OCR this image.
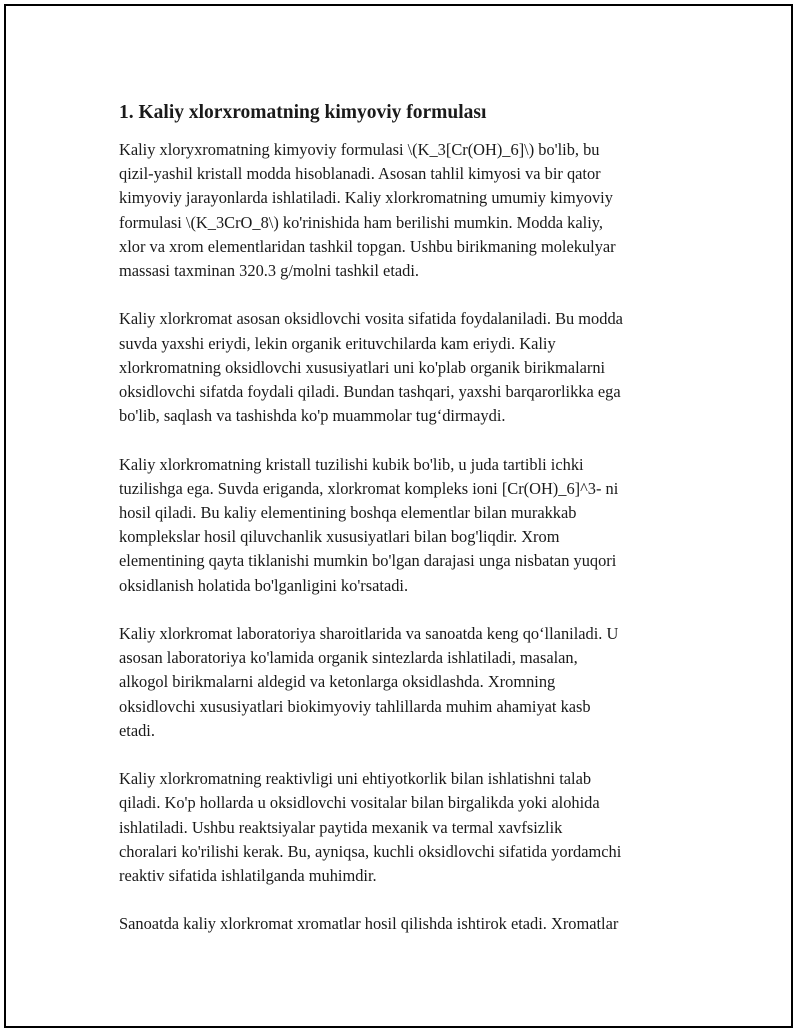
1. Kaliy xlorxromatning kimyoviy formulası

Kaliy xloryxromatning kimyoviy formulasi \(K_3[Cr(OH)_6]\) bo'lib, bu
qizil-yashil kristall modda hisoblanadi. Asosan tahlil kimyosi va bir qator
kimyoviy jarayonlarda ishlatiladi. Kaliy xlorkromatning umumiy kimyoviy
formulasi \(K_3CrO_8\) ko'rinishida ham berilishi mumkin. Modda kaliy,
xlor va xrom elementlaridan tashkil topgan. Ushbu birikmaning molekulyar
massasi taxminan 320.3 g/molni tashkil etadi.

Kaliy xlorkromat asosan oksidlovchi vosita sifatida foydalaniladi. Bu modda
suvda yaxshi eriydi, lekin organik erituvchilarda kam eriydi. Kaliy
xlorkromatning oksidlovchi xususiyatlari uni ko'plab organik birikmalarni
oksidlovchi sifatda foydali qiladi. Bundan tashqari, yaxshi barqarorlikka ega
bo'lib, saqlash va tashishda ko'p muammolar tug‘dirmaydi.

Kaliy xlorkromatning kristall tuzilishi kubik bo'lib, u juda tartibli ichki
tuzilishga ega. Suvda eriganda, xlorkromat kompleks ioni [Cr(OH)_6]^3- ni
hosil qiladi. Bu kaliy elementining boshqa elementlar bilan murakkab
komplekslar hosil qiluvchanlik xususiyatlari bilan bog'liqdir. Xrom
elementining qayta tiklanishi mumkin bo'lgan darajasi unga nisbatan yuqori
oksidlanish holatida bo'lganligini ko'rsatadi.

Kaliy xlorkromat laboratoriya sharoitlarida va sanoatda keng qo‘llaniladi. U
asosan laboratoriya ko'lamida organik sintezlarda ishlatiladi, masalan,
alkogol birikmalarni aldegid va ketonlarga oksidlashda. Xromning
oksidlovchi xususiyatlari biokimyoviy tahlillarda muhim ahamiyat kasb
etadi.

Kaliy xlorkromatning reaktivligi uni ehtiyotkorlik bilan ishlatishni talab
qiladi. Ko'p hollarda u oksidlovchi vositalar bilan birgalikda yoki alohida
ishlatiladi. Ushbu reaktsiyalar paytida mexanik va termal xavfsizlik
choralari ko'rilishi kerak. Bu, ayniqsa, kuchli oksidlovchi sifatida yordamchi
reaktiv sifatida ishlatilganda muhimdir.

Sanoatda kaliy xlorkromat xromatlar hosil qilishda ishtirok etadi. Xromatlar
